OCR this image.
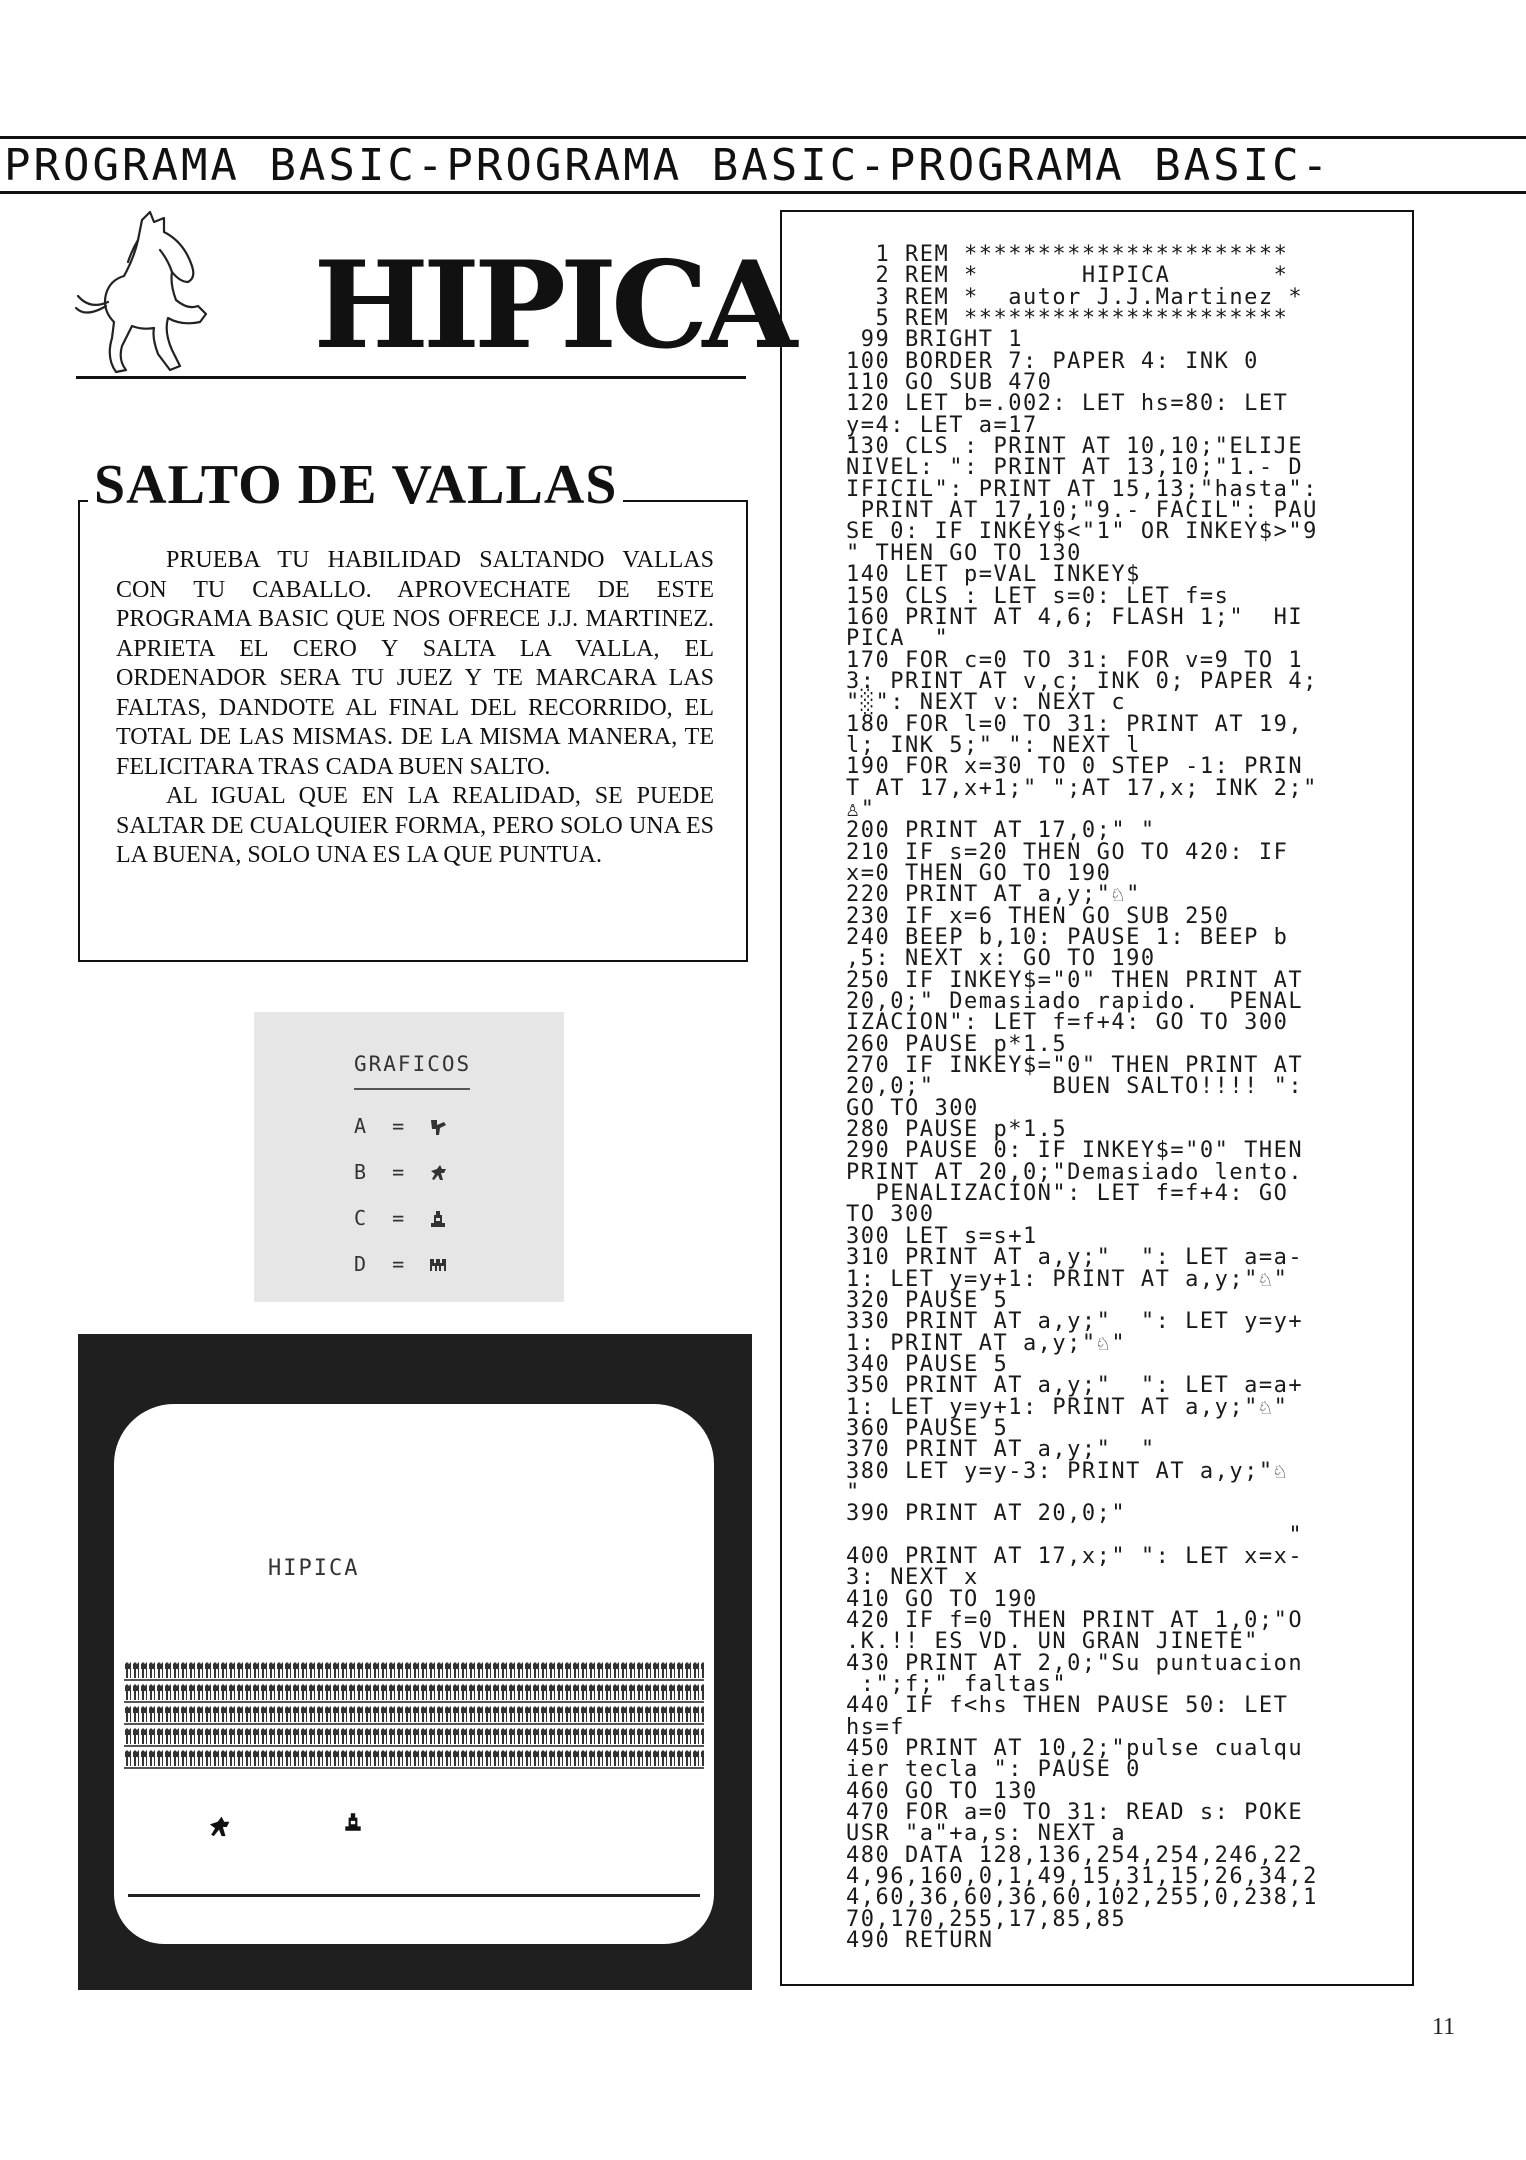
PROGRAMA BASIC-PROGRAMA BASIC-PROGRAMA BASIC-
HIPICA
SALTO DE VALLAS

PRUEBA TU HABILIDAD SALTANDO VALLAS CON TU CABALLO. APROVECHATE DE ESTE PROGRAMA BASIC QUE NOS OFRECE J.J. MARTINEZ. APRIETA EL CERO Y SALTA LA VALLA, EL ORDENADOR SERA TU JUEZ Y TE MARCARA LAS FALTAS, DANDOTE AL FINAL DEL RECORRIDO, EL TOTAL DE LAS MISMAS. DE LA MISMA MANERA, TE FELICITARA TRAS CADA BUEN SALTO.

AL IGUAL QUE EN LA REALIDAD, SE PUEDE SALTAR DE CUALQUIER FORMA, PERO SOLO UNA ES LA BUENA, SOLO UNA ES LA QUE PUNTUA.

GRAFICOS
A =
B =
C =
D =
HIPICA
1 REM **********************
2 REM *       HIPICA       *
3 REM *  autor J.J.Martinez *
5 REM **********************
99 BRIGHT 1
100 BORDER 7: PAPER 4: INK 0
110 GO SUB 470
120 LET b=.002: LET hs=80: LET
y=4: LET a=17
130 CLS : PRINT AT 10,10;"ELIJE
NIVEL: ": PRINT AT 13,10;"1.- D
IFICIL": PRINT AT 15,13;"hasta":
PRINT AT 17,10;"9.- FACIL": PAU
SE 0: IF INKEY$<"1" OR INKEY$>"9
" THEN GO TO 130
140 LET p=VAL INKEY$
150 CLS : LET s=0: LET f=s
160 PRINT AT 4,6; FLASH 1;"  HI
PICA  "
170 FOR c=0 TO 31: FOR v=9 TO 1
3: PRINT AT v,c; INK 0; PAPER 4;
"░": NEXT v: NEXT c
180 FOR l=0 TO 31: PRINT AT 19,
l; INK 5;"_": NEXT l
190 FOR x=30 TO 0 STEP -1: PRIN
T AT 17,x+1;" ";AT 17,x; INK 2;"
♙"
200 PRINT AT 17,0;" "
210 IF s=20 THEN GO TO 420: IF
x=0 THEN GO TO 190
220 PRINT AT a,y;"♘"
230 IF x=6 THEN GO SUB 250
240 BEEP b,10: PAUSE 1: BEEP b
,5: NEXT x: GO TO 190
250 IF INKEY$="0" THEN PRINT AT
20,0;" Demasiado rapido.  PENAL
IZACION": LET f=f+4: GO TO 300
260 PAUSE p*1.5
270 IF INKEY$="0" THEN PRINT AT
20,0;"        BUEN SALTO!!!! ":
GO TO 300
280 PAUSE p*1.5
290 PAUSE 0: IF INKEY$="0" THEN
PRINT AT 20,0;"Demasiado lento.
PENALIZACION": LET f=f+4: GO
TO 300
300 LET s=s+1
310 PRINT AT a,y;"  ": LET a=a-
1: LET y=y+1: PRINT AT a,y;"♘"
320 PAUSE 5
330 PRINT AT a,y;"  ": LET y=y+
1: PRINT AT a,y;"♘"
340 PAUSE 5
350 PRINT AT a,y;"  ": LET a=a+
1: LET y=y+1: PRINT AT a,y;"♘"
360 PAUSE 5
370 PRINT AT a,y;"  "
380 LET y=y-3: PRINT AT a,y;"♘
"
390 PRINT AT 20,0;"
"
400 PRINT AT 17,x;" ": LET x=x-
3: NEXT x
410 GO TO 190
420 IF f=0 THEN PRINT AT 1,0;"O
.K.!! ES VD. UN GRAN JINETE"
430 PRINT AT 2,0;"Su puntuacion
:";f;" faltas"
440 IF f<hs THEN PAUSE 50: LET
hs=f
450 PRINT AT 10,2;"pulse cualqu
ier tecla ": PAUSE 0
460 GO TO 130
470 FOR a=0 TO 31: READ s: POKE
USR "a"+a,s: NEXT a
480 DATA 128,136,254,254,246,22
4,96,160,0,1,49,15,31,15,26,34,2
4,60,36,60,36,60,102,255,0,238,1
70,170,255,17,85,85
490 RETURN

11
